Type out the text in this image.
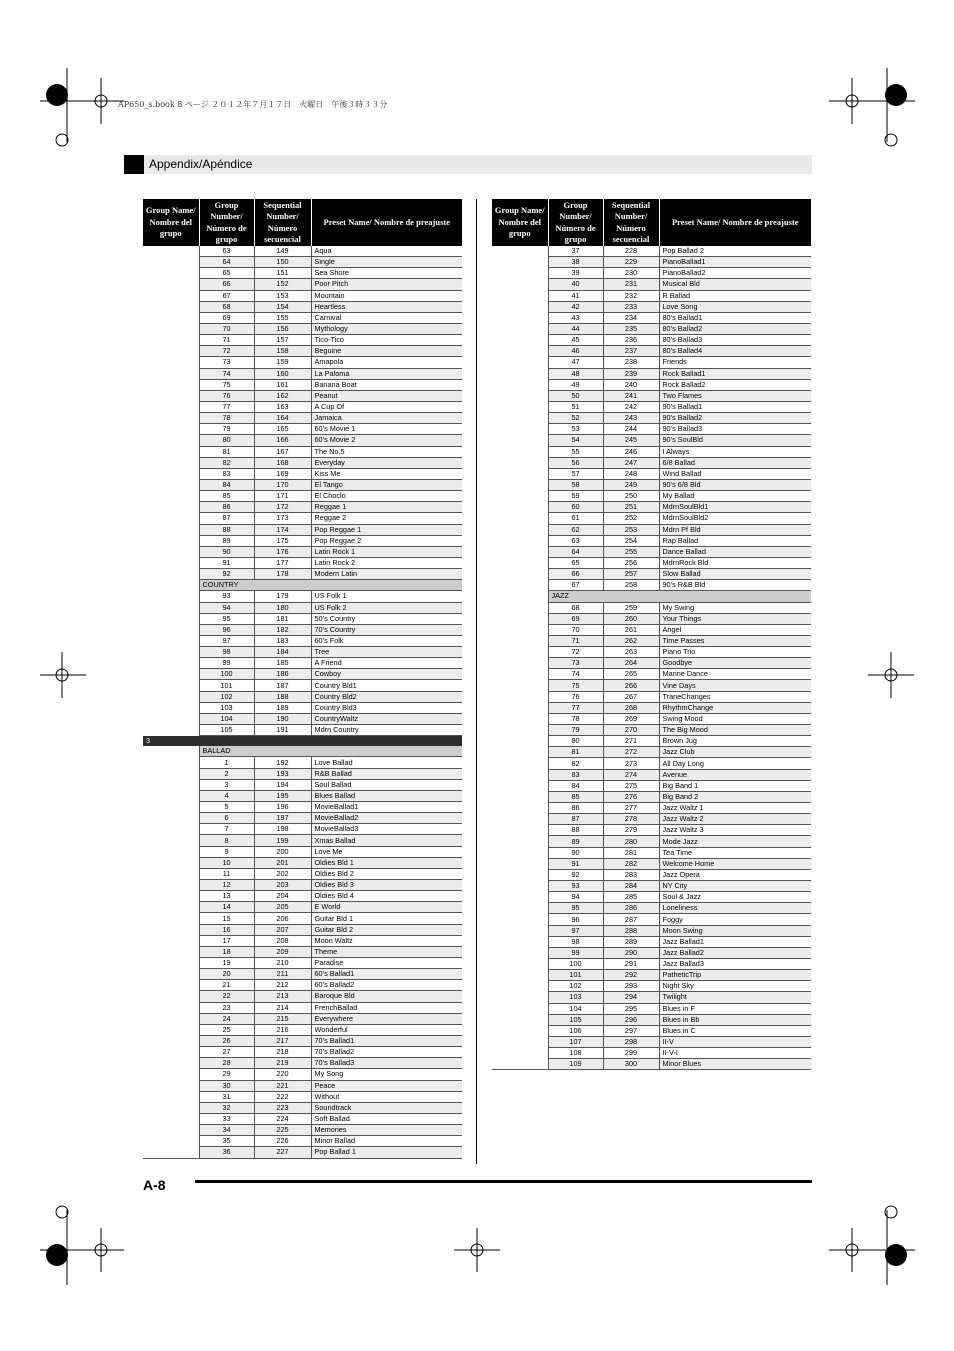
AP650_s.book 8 ページ ２０１２年７月１７日　火曜日　午後３時３３分
Appendix/Apéndice
Group Name/ Nombre del grupo	Group Number/ Número de grupo	Sequential Number/ Número secuencial	Preset Name/ Nombre de preajuste
	63	149	Aqua
	64	150	Single
	65	151	Sea Shore
	66	152	Poor Pitch
	67	153	Mountain
	68	154	Heartless
	69	155	Carnival
	70	156	Mythology
	71	157	Tico-Tico
	72	158	Beguine
	73	159	Amapola
	74	160	La Paloma
	75	161	Banana Boat
	76	162	Peanut
	77	163	A Cup Of
	78	164	Jamaica
	79	165	60’s Movie 1
	80	166	60’s Movie 2
	81	167	The No.5
	82	168	Everyday
	83	169	Kiss Me
	84	170	El Tango
	85	171	El Choclo
	86	172	Reggae 1
	87	173	Reggae 2
	88	174	Pop Reggae 1
	89	175	Pop Reggae 2
	90	176	Latin Rock 1
	91	177	Latin Rock 2
	92	178	Modern Latin
	COUNTRY		
	93	179	US Folk 1
	94	180	US Folk 2
	95	181	50’s Country
	96	182	70’s Country
	97	183	60’s Folk
	98	184	Tree
	99	185	A Friend
	100	186	Cowboy
	101	187	Country Bld1
	102	188	Country Bld2
	103	189	Country Bld3
	104	190	CountryWaltz
	105	191	Mdrn Country
3			
	BALLAD		
	1	192	Love Ballad
	2	193	R&B Ballad
	3	194	Soul Ballad
	4	195	Blues Ballad
	5	196	MovieBallad1
	6	197	MovieBallad2
	7	198	MovieBallad3
	8	199	Xmas Ballad
	9	200	Love Me
	10	201	Oldies Bld 1
	11	202	Oldies Bld 2
	12	203	Oldies Bld 3
	13	204	Oldies Bld 4
	14	205	E World
	15	206	Guitar Bld 1
	16	207	Guitar Bld 2
	17	208	Moon Waltz
	18	209	Theme
	19	210	Paradise
	20	211	60’s Ballad1
	21	212	60’s Ballad2
	22	213	Baroque Bld
	23	214	FrenchBallad
	24	215	Everywhere
	25	216	Wonderful
	26	217	70’s Ballad1
	27	218	70’s Ballad2
	28	219	70’s Ballad3
	29	220	My Song
	30	221	Peace
	31	222	Without
	32	223	Soundtrack
	33	224	Soft Ballad
	34	225	Memories
	35	226	Minor Ballad
	36	227	Pop Ballad 1
Group Name/ Nombre del grupo	Group Number/ Número de grupo	Sequential Number/ Número secuencial	Preset Name/ Nombre de preajuste
	37	228	Pop Ballad 2
	38	229	PianoBallad1
	39	230	PianoBallad2
	40	231	Musical Bld
	41	232	R Ballad
	42	233	Love Song
	43	234	80’s Ballad1
	44	235	80’s Ballad2
	45	236	80’s Ballad3
	46	237	80’s Ballad4
	47	238	Friends
	48	239	Rock Ballad1
	49	240	Rock Ballad2
	50	241	Two Flames
	51	242	90’s Ballad1
	52	243	90’s Ballad2
	53	244	90’s Ballad3
	54	245	90’s SoulBld
	55	246	I Always
	56	247	6/8 Ballad
	57	248	Wind Ballad
	58	249	90’s 6/8 Bld
	59	250	My Ballad
	60	251	MdrnSoulBld1
	61	252	MdrnSoulBld2
	62	253	Mdrn Pf Bld
	63	254	Rap Ballad
	64	255	Dance Ballad
	65	256	MdrnRock Bld
	66	257	Slow Ballad
	67	258	90’s R&B Bld
	JAZZ		
	68	259	My Swing
	69	260	Your Things
	70	261	Angel
	71	262	Time Passes
	72	263	Piano Trio
	73	264	Goodbye
	74	265	Marine Dance
	75	266	Vine Days
	76	267	TraneChanges
	77	268	RhythmChange
	78	269	Swing Mood
	79	270	The Big Mood
	80	271	Brown Jug
	81	272	Jazz Club
	82	273	All Day Long
	83	274	Avenue
	84	275	Big Band 1
	85	276	Big Band 2
	86	277	Jazz Waltz 1
	87	278	Jazz Waltz 2
	88	279	Jazz Waltz 3
	89	280	Mode Jazz
	90	281	Tea Time
	91	282	Welcome Home
	92	283	Jazz Opera
	93	284	NY City
	94	285	Soul & Jazz
	95	286	Loneliness
	96	287	Foggy
	97	288	Moon Swing
	98	289	Jazz Ballad1
	99	290	Jazz Ballad2
	100	291	Jazz Ballad3
	101	292	PatheticTrip
	102	293	Night Sky
	103	294	Twilight
	104	295	Blues in F
	105	296	Blues in Bb
	106	297	Blues in C
	107	298	II-V
	108	299	II-V-I
	109	300	Minor Blues
A-8
